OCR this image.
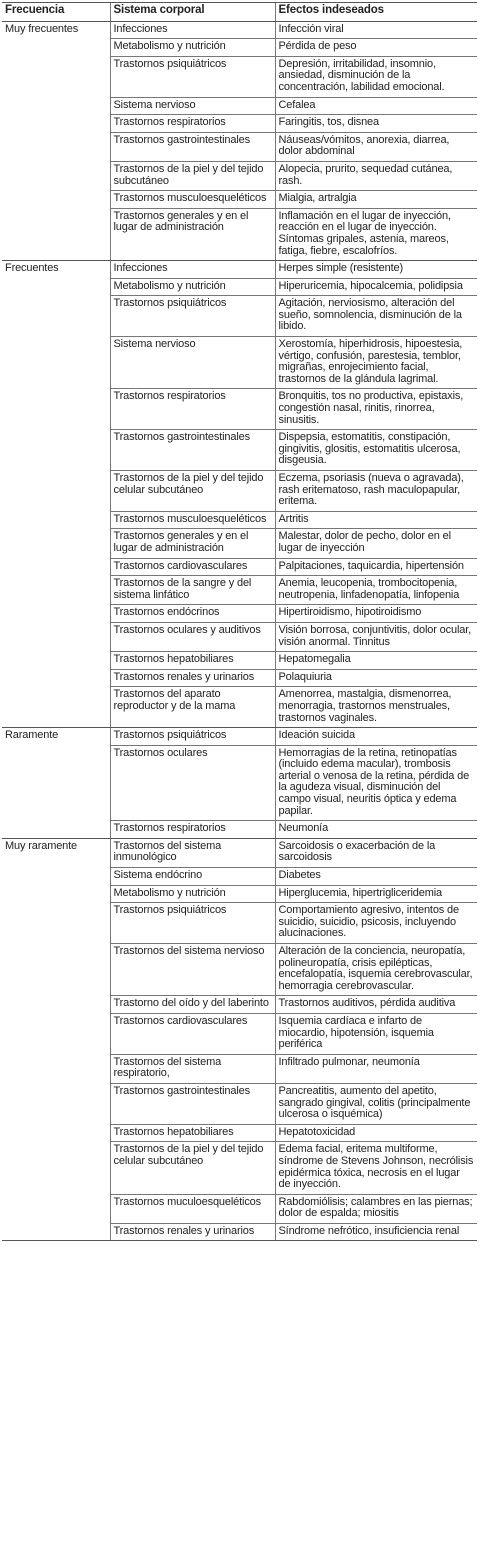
Frecuencia	Sistema corporal	Efectos indeseados
Muy frecuentes	Infecciones	Infección viral
	Metabolismo y nutrición	Pérdida de peso
	Trastornos psiquiátricos	Depresión, irritabilidad, insomnio, ansiedad, disminución de la concentración, labilidad emocional.
	Sistema nervioso	Cefalea
	Trastornos respiratorios	Faringitis, tos, disnea
	Trastornos gastrointestinales	Náuseas/vómitos, anorexia, diarrea, dolor abdominal
	Trastornos de la piel y del tejido subcutáneo	Alopecia, prurito, sequedad cutánea, rash.
	Trastornos musculoesqueléticos	Mialgia, artralgia
	Trastornos generales y en el lugar de administración	Inflamación en el lugar de inyección, reacción en el lugar de inyección. Síntomas gripales, astenia, mareos, fatiga, fiebre, escalofríos.
Frecuentes	Infecciones	Herpes simple (resistente)
	Metabolismo y nutrición	Hiperuricemia, hipocalcemia, polidipsia
	Trastornos psiquiátricos	Agitación, nerviosismo, alteración del sueño, somnolencia, disminución de la libido.
	Sistema nervioso	Xerostomía, hiperhidrosis, hipoestesia, vértigo, confusión, parestesia, temblor, migrañas, enrojecimiento facial, trastornos de la glándula lagrimal.
	Trastornos respiratorios	Bronquitis, tos no productiva, epistaxis, congestión nasal, rinitis, rinorrea, sinusitis.
	Trastornos gastrointestinales	Dispepsia, estomatitis, constipación, gingivitis, glositis, estomatitis ulcerosa, disgeusia.
	Trastornos de la piel y del tejido celular subcutáneo	Eczema, psoriasis (nueva o agravada), rash eritematoso, rash maculopapular, eritema.
	Trastornos musculoesqueléticos	Artritis
	Trastornos generales y en el lugar de administración	Malestar, dolor de pecho, dolor en el lugar de inyección
	Trastornos cardiovasculares	Palpitaciones, taquicardia, hipertensión
	Trastornos de la sangre y del sistema linfático	Anemia, leucopenia, trombocitopenia, neutropenia, linfadenopatía, linfopenia
	Trastornos endócrinos	Hipertiroidismo, hipotiroidismo
	Trastornos oculares y auditivos	Visión borrosa, conjuntivitis, dolor ocular, visión anormal. Tinnitus
	Trastornos hepatobiliares	Hepatomegalia
	Trastornos renales y urinarios	Polaquiuria
	Trastornos del aparato reproductor y de la mama	Amenorrea, mastalgia, dismenorrea, menorragia, trastornos menstruales, trastornos vaginales.
Raramente	Trastornos psiquiátricos	Ideación suicida
	Trastornos oculares	Hemorragias de la retina, retinopatías (incluido edema macular), trombosis arterial o venosa de la retina, pérdida de la agudeza visual, disminución del campo visual, neuritis óptica y edema papilar.
	Trastornos respiratorios	Neumonía
Muy raramente	Trastornos del sistema inmunológico	Sarcoidosis o exacerbación de la sarcoidosis
	Sistema endócrino	Diabetes
	Metabolismo y nutrición	Hiperglucemia, hipertrigliceridemia
	Trastornos psiquiátricos	Comportamiento agresivo, intentos de suicidio, suicidio, psicosis, incluyendo alucinaciones.
	Trastornos del sistema nervioso	Alteración de la conciencia, neuropatía, polineuropatía, crisis epilépticas, encefalopatía, isquemia cerebrovascular, hemorragia cerebrovascular.
	Trastorno del oído y del laberinto	Trastornos auditivos, pérdida auditiva
	Trastornos cardiovasculares	Isquemia cardíaca e infarto de miocardio, hipotensión, isquemia periférica
	Trastornos del sistema respiratorio,	Infiltrado pulmonar, neumonía
	Trastornos gastrointestinales	Pancreatitis, aumento del apetito, sangrado gingival, colitis (principalmente ulcerosa o isquémica)
	Trastornos hepatobiliares	Hepatotoxicidad
	Trastornos de la piel y del tejido celular subcutáneo	Edema facial, eritema multiforme, síndrome de Stevens Johnson, necrólisis epidérmica tóxica, necrosis en el lugar de inyección.
	Trastornos muculoesqueléticos	Rabdomiólisis; calambres en las piernas; dolor de espalda; miositis
	Trastornos renales y urinarios	Síndrome nefrótico, insuficiencia renal
